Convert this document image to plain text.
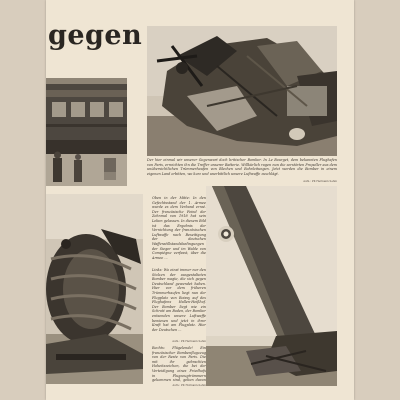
gegen
Der hier einmal wir unserer Gegenwart doch britischer Bomber. In Le Bourget, dem bekannten Flughafen von Paris, erreichten ihn die Treffer unserer Batterie. Willkürlich ragen nun die zerstörten Propeller aus dem unübersichtlichen Trümmerhaufen von Blechen und Rohrleitungen. Jetzt werden die Bomber in einem eigenen Land erbitten, wo kurz und unerbittlich unsere Luftwaffe zuschlägt.
Aufn.: PK Hermann Sehm
Oben in der Mitte: In den Gefechtsstand der 1. Armee wurde es dem Verband ernst. Der französische Feind der Zehnmal von 1918 hat sein Leben gelassen. In diesem Bild ist das Ergebnis der Vernichtung der französischen Luftwaffe nach Beseitigung der deutschen Waffenstillstandsbedingungen der Sieger und im Walde von Compiègne verfasst, über die Armee ...
Links: Wo einst immer nur den Stolzen der ausgestalteten Bomber wagte, die sich gegen Deutschland gewendet haben. Hier vor dem früheren Trümmerhaufen liegt nun der Flugplatz von Roissy auf des Flughafens Hallen-Heißhof. Der Bomber liegt wie ein Schrott am Boden, der Bomber entsenden unsere Luftwaffe bewiesen und jetzt in ihrer Kraft hat am Flugplatz. Hier der Deutschen ...
Aufn.: PK Hermann Sehm
Rechts: Flügelende! Ein französischer Bombenflugzeug von der Reste von Paris. Die mit ihr gebrachten Hoheitszeichen, die bei der Verteidigung eines Friedhofs in Flugzeugtrümmern gekommen sind, geben davon
Aufn.: PK Hofmann-Sehm
